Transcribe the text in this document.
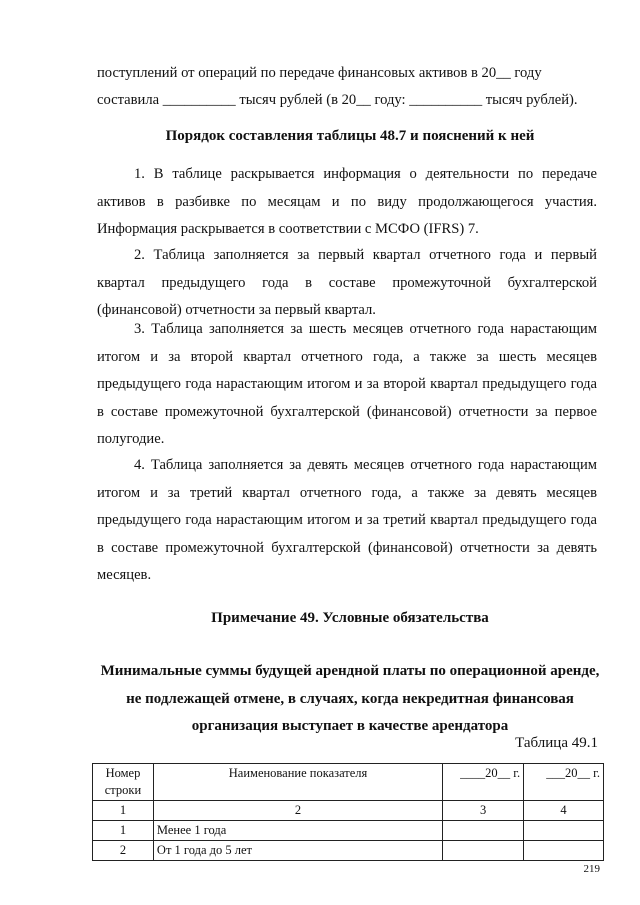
поступлений от операций по передаче финансовых активов в 20__ году

составила __________ тысяч рублей (в 20__ году: __________ тысяч рублей).

Порядок составления таблицы 48.7 и пояснений к ней

1. В таблице раскрывается информация о деятельности по передаче активов в разбивке по месяцам и по виду продолжающегося участия. Информация раскрывается в соответствии с МСФО (IFRS) 7.

2. Таблица заполняется за первый квартал отчетного года и первый квартал предыдущего года в составе промежуточной бухгалтерской (финансовой) отчетности за первый квартал.

3. Таблица заполняется за шесть месяцев отчетного года нарастающим итогом и за второй квартал отчетного года, а также за шесть месяцев предыдущего года нарастающим итогом и за второй квартал предыдущего года в составе промежуточной бухгалтерской (финансовой) отчетности за первое полугодие.

4. Таблица заполняется за девять месяцев отчетного года нарастающим итогом и за третий квартал отчетного года, а также за девять месяцев предыдущего года нарастающим итогом и за третий квартал предыдущего года в составе промежуточной бухгалтерской (финансовой) отчетности за девять месяцев.

Примечание 49. Условные обязательства

Минимальные суммы будущей арендной платы по операционной аренде, не подлежащей отмене, в случаях, когда некредитная финансовая организация выступает в качестве арендатора

Таблица 49.1
Номер строки	Наименование показателя	____20__ г.	___20__ г.
1	2	3	4
1	Менее 1 года		
2	От 1 года до 5 лет		
219
